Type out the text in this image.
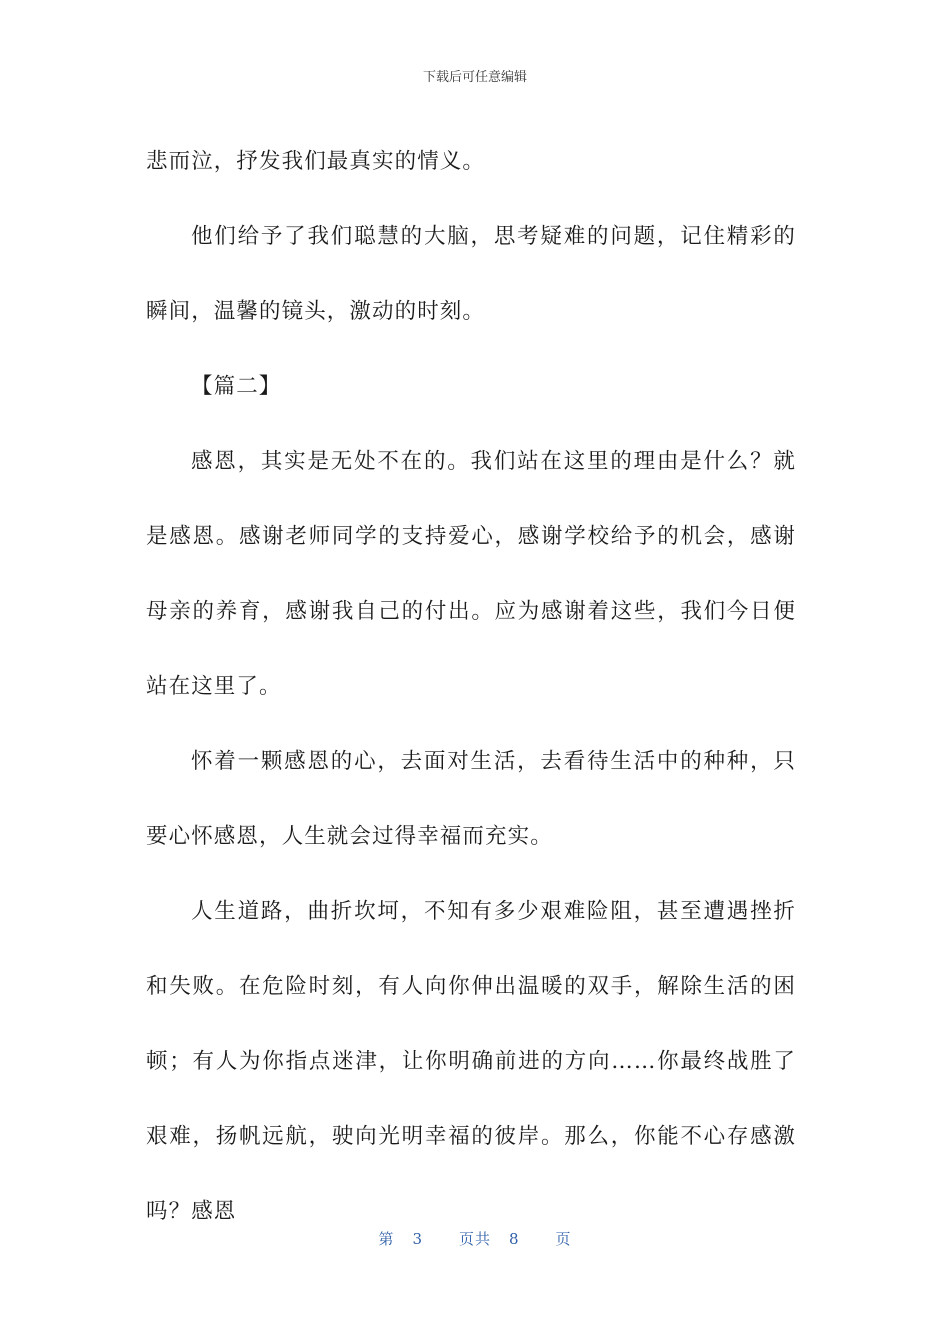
下载后可任意编辑

悲而泣，抒发我们最真实的情义。

他们给予了我们聪慧的大脑，思考疑难的问题，记住精彩的瞬间，温馨的镜头，激动的时刻。

【篇二】

感恩，其实是无处不在的。我们站在这里的理由是什么？就是感恩。感谢老师同学的支持爱心，感谢学校给予的机会，感谢母亲的养育，感谢我自己的付出。应为感谢着这些，我们今日便站在这里了。

怀着一颗感恩的心，去面对生活，去看待生活中的种种，只要心怀感恩，人生就会过得幸福而充实。

人生道路，曲折坎坷，不知有多少艰难险阻，甚至遭遇挫折和失败。在危险时刻，有人向你伸出温暖的双手，解除生活的困顿；有人为你指点迷津，让你明确前进的方向……你最终战胜了艰难，扬帆远航，驶向光明幸福的彼岸。那么，你能不心存感激吗？感恩

第 3 页共 8 页
